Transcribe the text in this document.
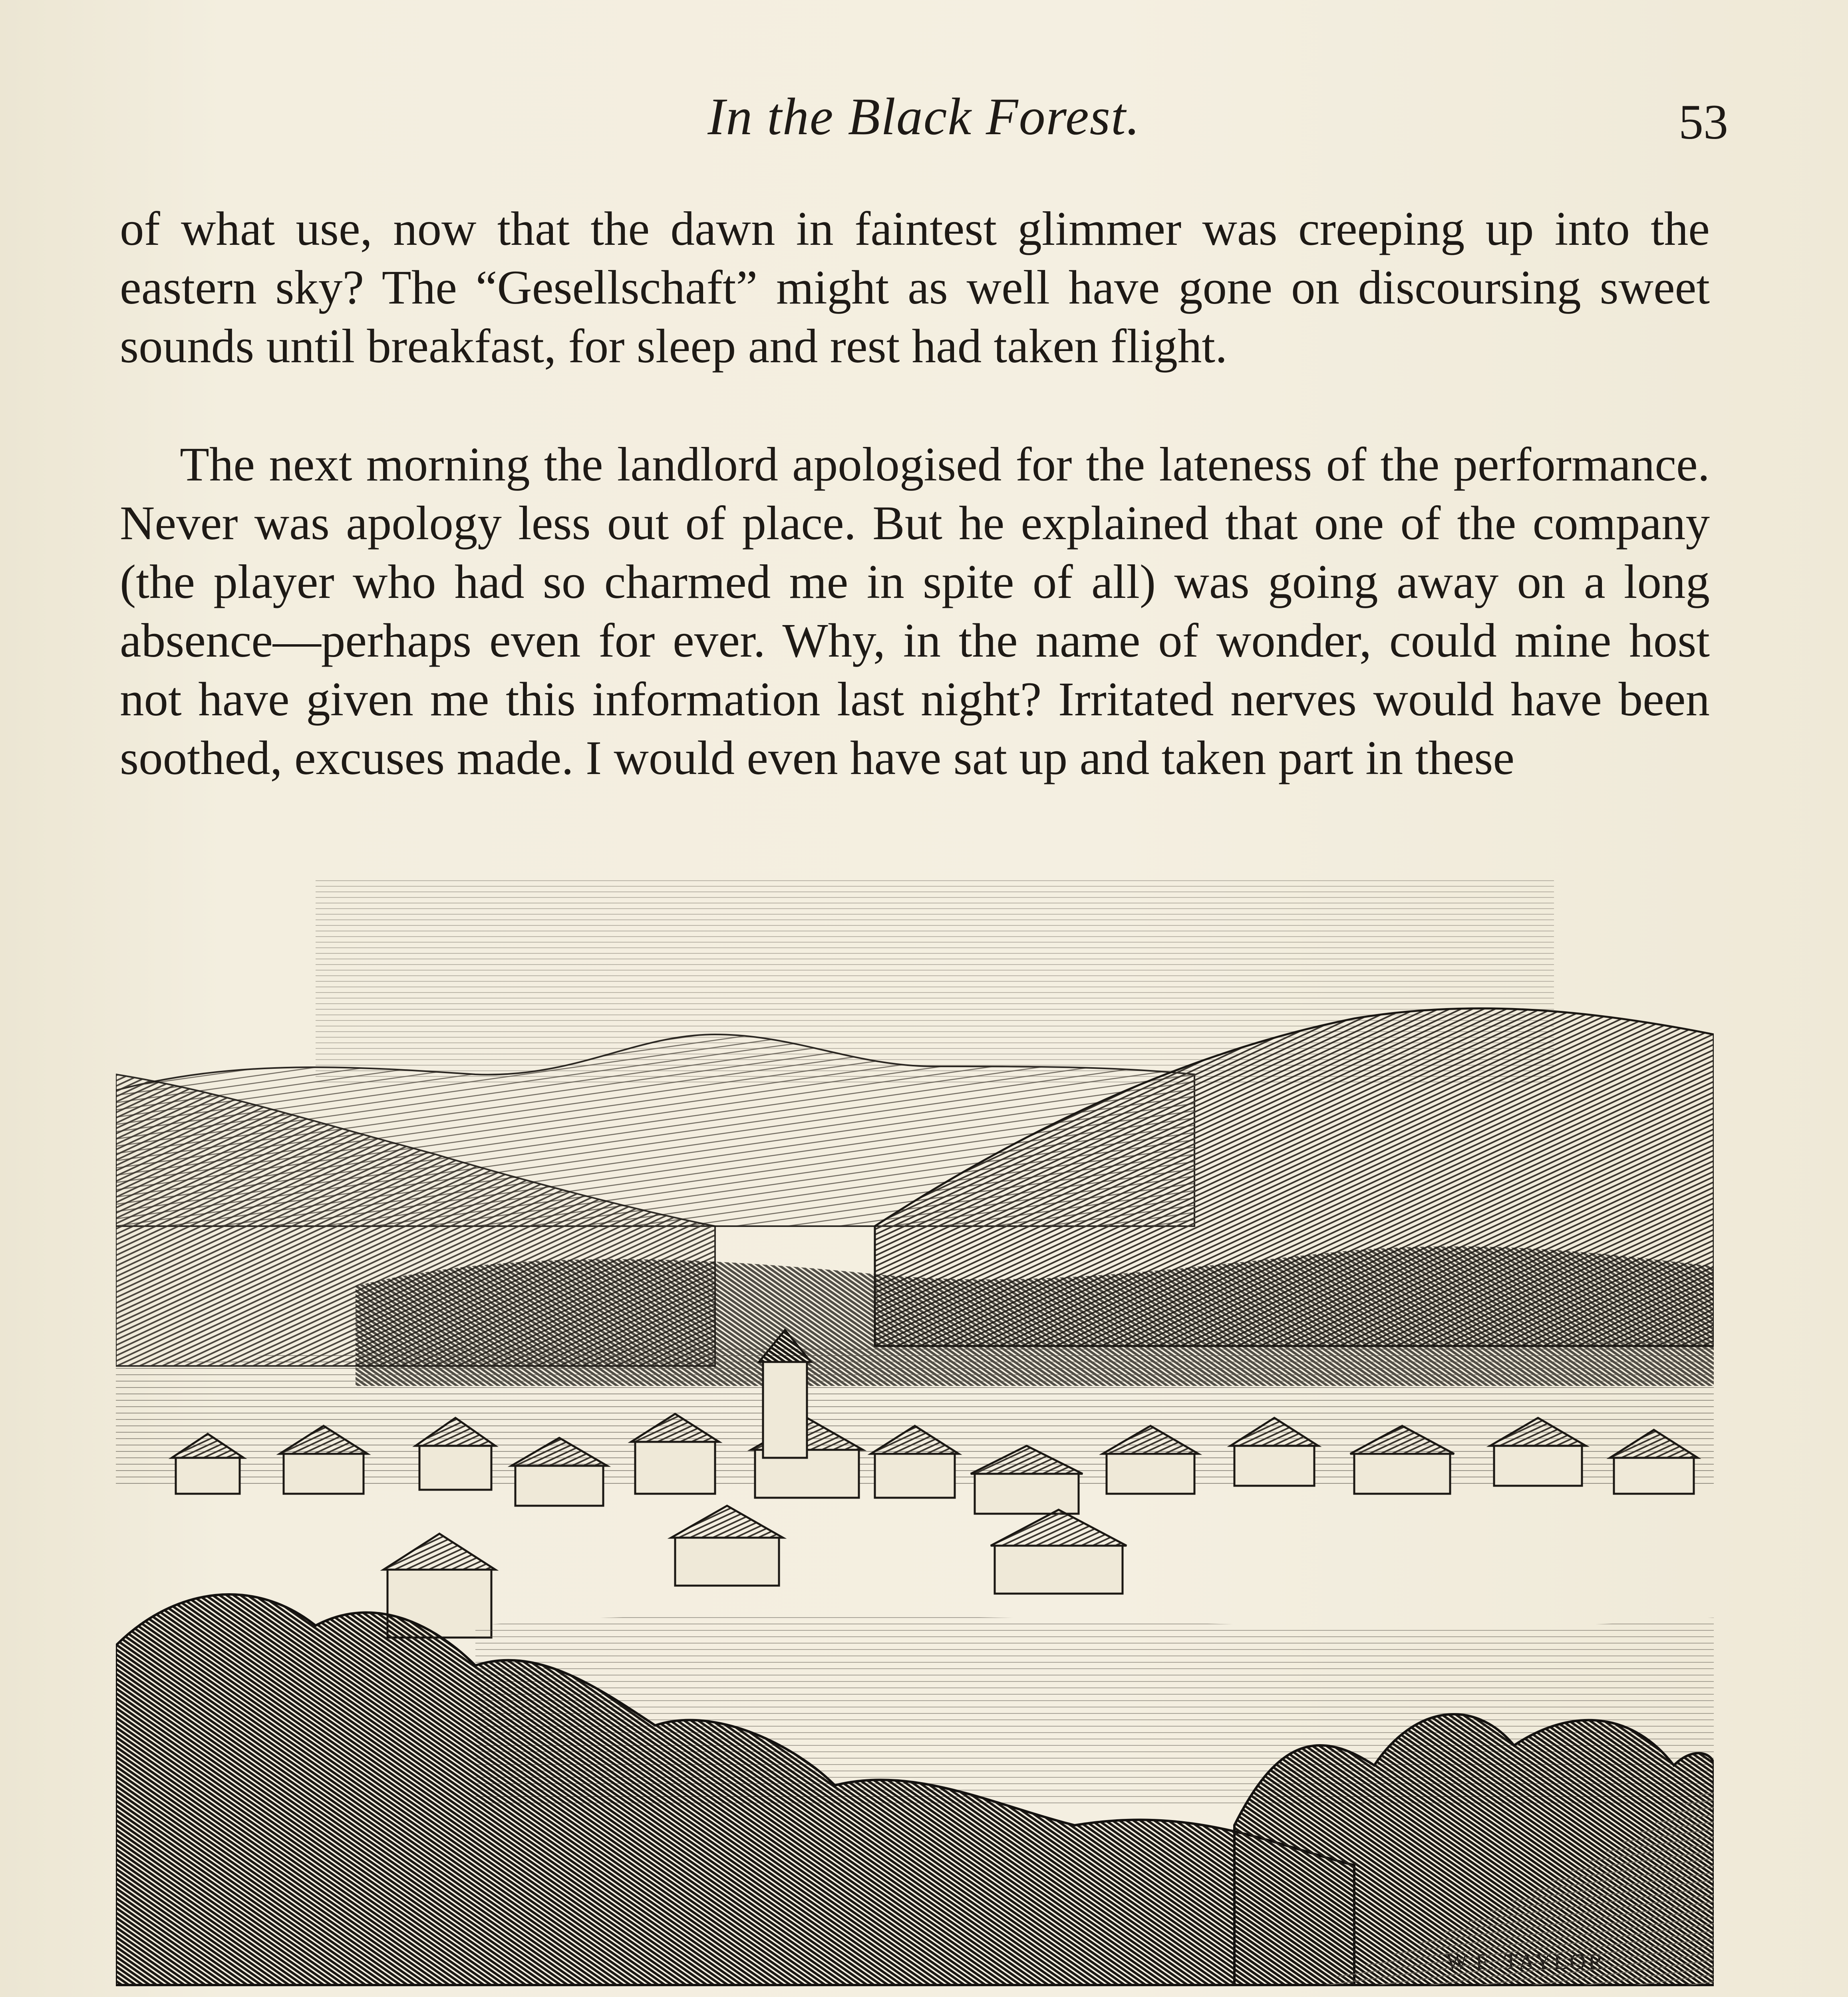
In the Black Forest.	53

of what use, now that the dawn in faintest glimmer was creeping up into the eastern sky? The “Gesellschaft” might as well have gone on discoursing sweet sounds until breakfast, for sleep and rest had taken flight.

The next morning the landlord apologised for the lateness of the performance. Never was apology less out of place. But he explained that one of the company (the player who had so charmed me in spite of all) was going away on a long absence—perhaps even for ever. Why, in the name of wonder, could mine host not have given me this information last night? Irritated nerves would have been soothed, excuses made. I would even have sat up and taken part in these

W.F. TAYLOR
